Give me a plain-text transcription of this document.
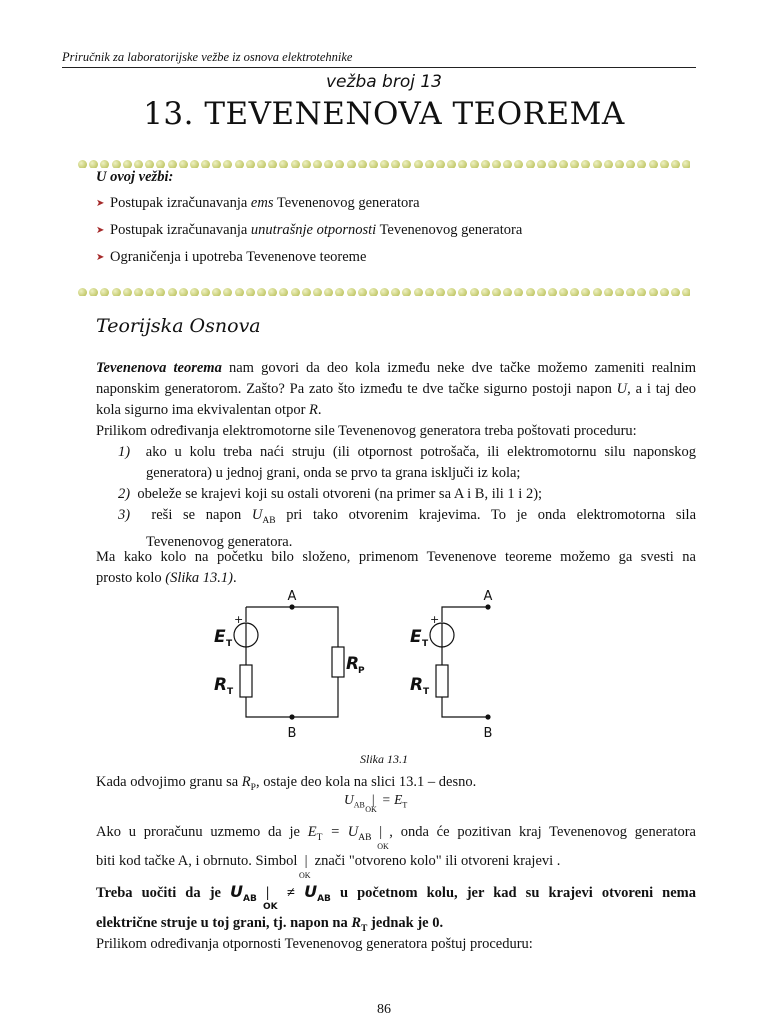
Priručnik za laboratorijske vežbe iz osnova elektrotehnike
vežba broj 13
13. TEVENENOVA TEOREMA
U ovoj vežbi:
➤ Postupak izračunavanja ems Tevenenovog generatora
➤ Postupak izračunavanja unutrašnje otpornosti Tevenenovog generatora
➤ Ograničenja i upotreba Tevenenove teoreme
Teorijska Osnova
Tevenenova teorema nam govori da deo kola između neke dve tačke možemo zameniti realnim
naponskim generatorom. Zašto? Pa zato što između te dve tačke sigurno postoji napon U, a i taj deo
kola sigurno ima ekvivalentan otpor R.
Prilikom određivanja elektromotorne sile Tevenenovog generatora treba poštovati proceduru:
1) ako u kolu treba naći struju (ili otpornost potrošača, ili elektromotornu silu naponskog
generatora) u jednoj grani, onda se prvo ta grana isključi iz kola;
2) obeleže se krajevi koji su ostali otvoreni (na primer sa A i B, ili 1 i 2);
3) reši se napon $U_{AB}$ pri tako otvorenim krajevima. To je onda elektromotorna sila
Tevenenovog generatora.
Ma kako kolo na početku bilo složeno, primenom Tevenenove teoreme možemo ga svesti na
prosto kolo (Slika 13.1).
A
B
A
B
+	+
E T	E T
R T	R T
R
P
Slika 13.1
Kada odvojimo granu sa $R_P$, ostaje deo kola na slici 13.1 – desno.
$U_{AB}$ |
OK
= $E_T$
Ako u proračunu uzmemo da je $E_T = U_{AB}$ |
OK
, onda će pozitivan kraj Tevenenovog generatora
biti kod tačke A, i obrnuto. Simbol |
OK
znači "otvoreno kolo" ili otvoreni krajevi .
Treba uočiti da je $U_{AB}$ |
OK
≠ $U_{AB}$ u početnom kolu, jer kad su krajevi otvoreni nema
električne struje u toj grani, tj. napon na $R_T$ jednak je 0.
Prilikom određivanja otpornosti Tevenenovog generatora poštuj proceduru:
86
